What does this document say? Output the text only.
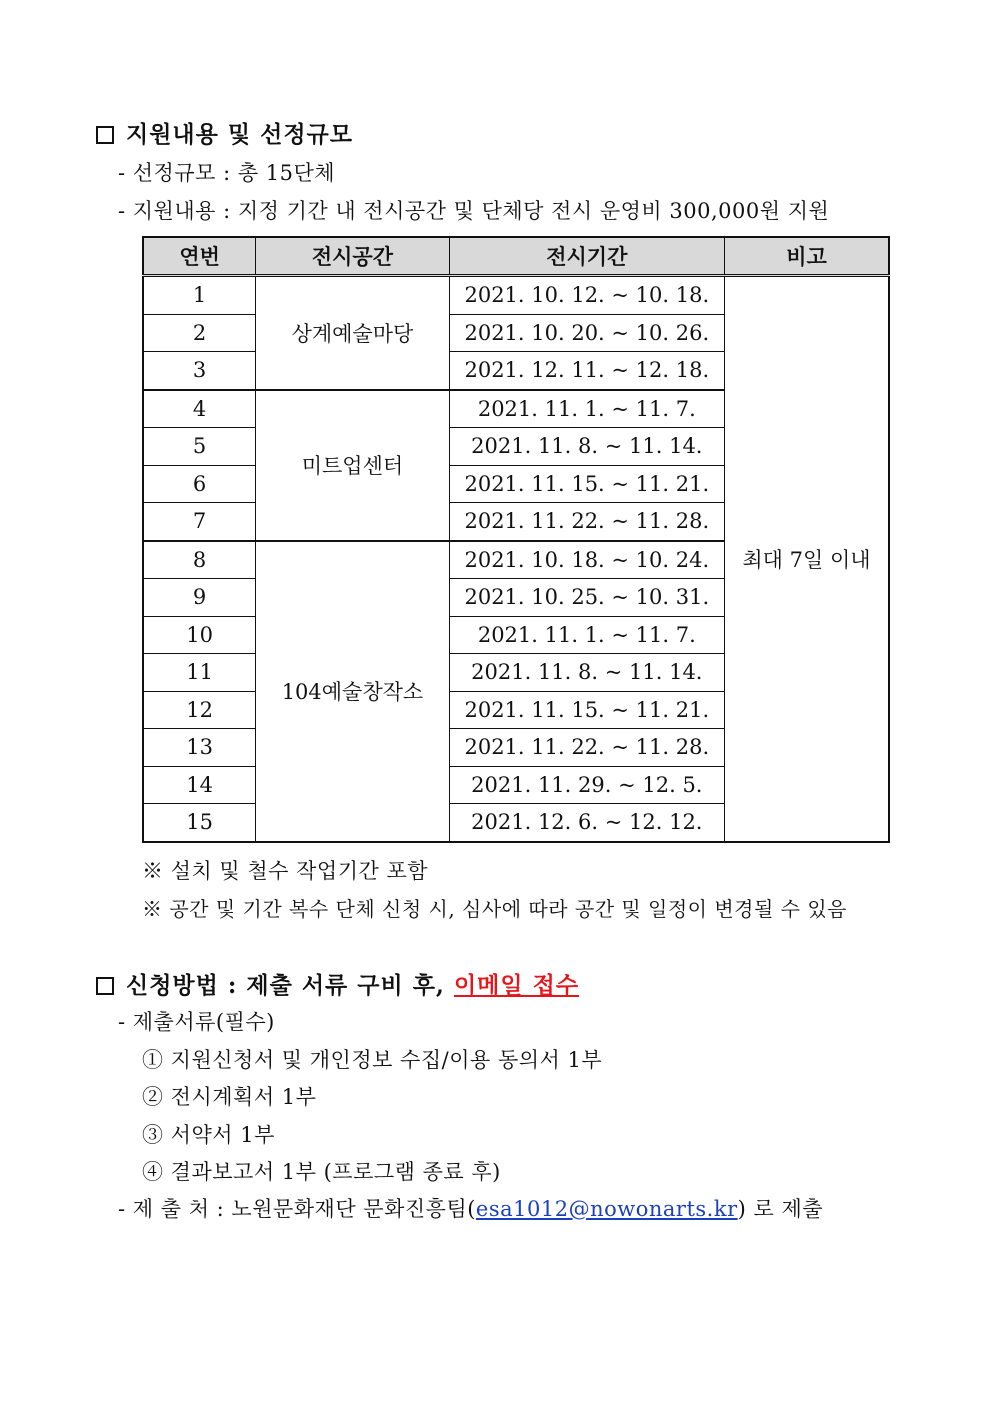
지원내용 및 선정규모
- 선정규모 : 총 15단체
- 지원내용 : 지정 기간 내 전시공간 및 단체당 전시 운영비 300,000원 지원
연번	전시공간	전시기간	비고
1	상계예술마당	2021. 10. 12. ~ 10. 18.	최대 7일 이내
2		2021. 10. 20. ~ 10. 26.	
3		2021. 12. 11. ~ 12. 18.	
4	미트업센터	2021. 11. 1. ~ 11. 7.	
5		2021. 11. 8. ~ 11. 14.	
6		2021. 11. 15. ~ 11. 21.	
7		2021. 11. 22. ~ 11. 28.	
8	104예술창작소	2021. 10. 18. ~ 10. 24.	
9		2021. 10. 25. ~ 10. 31.	
10		2021. 11. 1. ~ 11. 7.	
11		2021. 11. 8. ~ 11. 14.	
12		2021. 11. 15. ~ 11. 21.	
13		2021. 11. 22. ~ 11. 28.	
14		2021. 11. 29. ~ 12. 5.	
15		2021. 12. 6. ~ 12. 12.	
※ 설치 및 철수 작업기간 포함
※ 공간 및 기간 복수 단체 신청 시, 심사에 따라 공간 및 일정이 변경될 수 있음
신청방법 : 제출 서류 구비 후, 이메일 접수
- 제출서류(필수)
① 지원신청서 및 개인정보 수집/이용 동의서 1부
② 전시계획서 1부
③ 서약서 1부
④ 결과보고서 1부 (프로그램 종료 후)
- 제 출 처 : 노원문화재단 문화진흥팀(esa1012@nowonarts.kr) 로 제출
